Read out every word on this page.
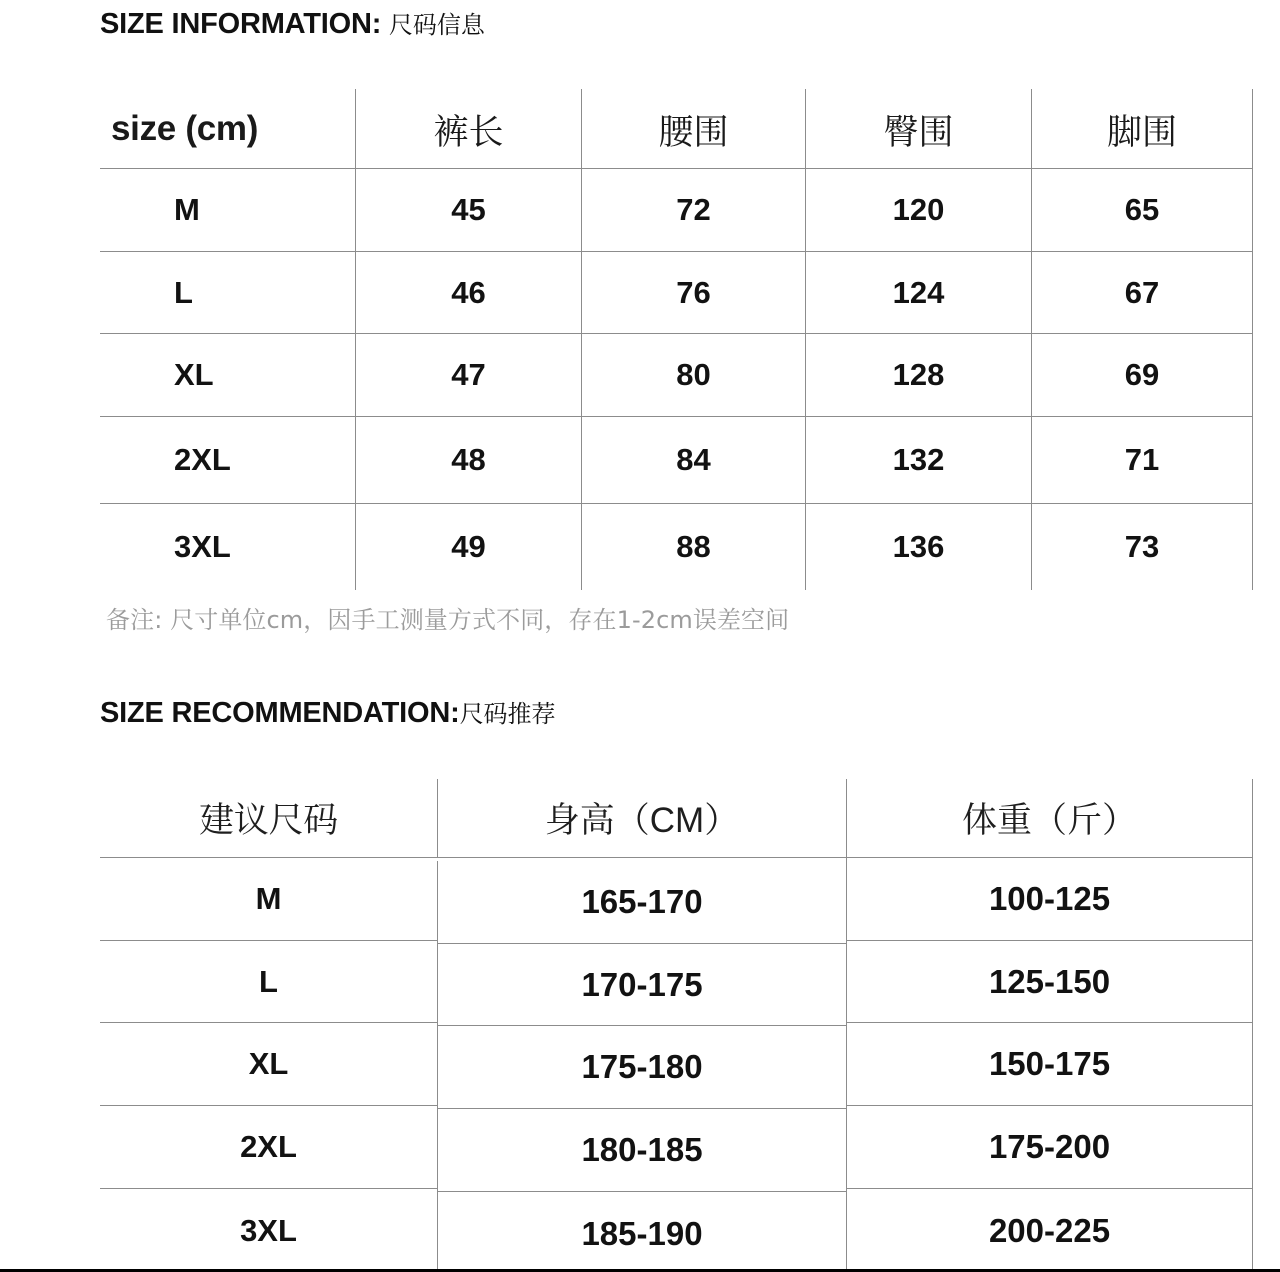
SIZE INFORMATION: 尺码信息
size (cm)	裤长	腰围	臀围	脚围
M	45	72	120	65
L	46	76	124	67
XL	47	80	128	69
2XL	48	84	132	71
3XL	49	88	136	73
备注: 尺寸单位cm，因手工测量方式不同，存在1-2cm误差空间
SIZE RECOMMENDATION:尺码推荐
建议尺码	身高（CM）	体重（斤）
M	165-170	100-125
L	170-175	125-150
XL	175-180	150-175
2XL	180-185	175-200
3XL	185-190	200-225
